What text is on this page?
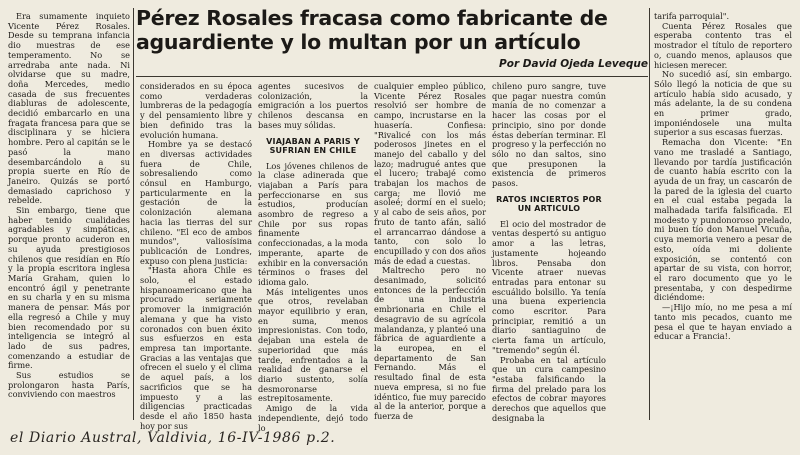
Pérez Rosales fracasa como fabricante de aguardiente y lo multan por un artículo
Por David Ojeda Leveque

Era sumamente inquieto Vicente Pérez Rosales. Desde su temprana infancia dio muestras de ese temperamento. No se arredraba ante nada. Ni olvidarse que su madre, doña Mercedes, medio casada de sus frecuentes diabluras de adolescente, decidió embarcarlo en una fragata francesa para que se disciplinara y se hiciera hombre. Pero al capitán se le pasó la mano desembarcándolo a su propia suerte en Río de Janeiro. Quizás se portó demasiado caprichoso y rebelde.

Sin embargo, tiene que haber tenido cualidades agradables y simpáticas, porque pronto acuderon en su ayuda prestigiosos chilenos que residían en Río y la propia escritora inglesa María Graham, quien lo encontró ágil y penetrante en su charla y en su misma manera de pensar. Más por ella regresó a Chile y muy bien recomendado por su inteligencia se integró al lado de sus padres, comenzando a estudiar de firme.

Sus estudios se prolongaron hasta París, conviviendo con maestros

considerados en su época como verdaderas lumbreras de la pedagogía y del pensamiento libre y bien definido tras la evolución humana.

Hombre ya se destacó en diversas actividades fuera de Chile, sobresaliendo como cónsul en Hamburgo, particularmente en la gestación de la colonización alemana hacia las tierras del sur chileno. "El eco de ambos mundos", valiosísima publicación de Londres, expuso con plena justicia:

"Hasta ahora Chile es solo, el estado hispanoamericano que ha procurado seriamente promover la inmigración alemana y que ha visto coronados con buen éxito sus esfuerzos en esta empresa tan importante. Gracias a las ventajas que ofrecen el suelo y el clima de aquel país, a los sacrificios que se ha impuesto y a las diligencias practicadas desde el año 1850 hasta hoy por sus

agentes sucesivos de colonización, la emigración a los puertos chilenos descansa en bases muy sólidas.

VIAJABAN A PARIS Y SUFRIAN EN CHILE

Los jóvenes chilenos de la clase adinerada que viajaban a París para perfeccionarse en sus estudios, producían asombro de regreso a Chile por sus ropas finamente confeccionadas, a la moda imperante, aparte de exhibir en la conversación términos o frases del idioma galo.

Más inteligentes unos que otros, revelaban mayor equilibrio y eran, en suma, menos impresionistas. Con todo, dejaban una estela de superioridad que más tarde, enfrentados a la realidad de ganarse el diario sustento, solía desmoronarse estrepitosamente.

Amigo de la vida independiente, dejó todo lo

cualquier empleo público, Vicente Pérez Rosales resolvió ser hombre de campo, incrustarse en la huasería. Confiesa: "Rivalicé con los más poderosos jinetes en el manejo del caballo y del lazo; madrugué antes que el lucero; trabajé como trabajan los machos de carga; me llovió me asoleé; dormí en el suelo; y al cabo de seis años, por fruto de tanto afán, salió el arrancarrao dándose a tanto, con solo lo encupillado y con dos años más de edad a cuestas.

Maltrecho pero no desanimado, solicitó entonces de la perfección de una industria embrionaria en Chile el desagravio de su agrícola malandanza, y planteó una fábrica de aguardiente a la europea, en el departamento de San Fernando. Más el resultado final de esta nueva empresa, si no fue idéntico, fue muy parecido al de la anterior, porque a fuerza de

chileno puro sangre, tuve que pagar nuestra común manía de no comenzar a hacer las cosas por el principio, sino por donde éstas deberían terminar. El progreso y la perfección no sólo no dan saltos, sino que presuponen la existencia de primeros pasos.

RATOS INCIERTOS POR UN ARTICULO

El ocio del mostrador de ventas despertó su antiguo amor a las letras, justamente hojeando libros. Pensaba don Vicente atraer nuevas entradas para entonar su escuálido bolsillo. Ya tenía una buena experiencia como escritor. Para principiar, remitió a un diario santiaguino de cierta fama un artículo, "tremendo" según él.

Probaba en tal artículo que un cura campesino "estaba falsificando la firma del prelado para los efectos de cobrar mayores derechos que aquellos que designaba la

tarifa parroquial".

Cuenta Pérez Rosales que esperaba contento tras el mostrador el título de reportero o, cuando menos, aplausos que hiciesen merecer.

No sucedió así, sin embargo. Sólo llegó la noticia de que su artículo había sido acusado, y más adelante, la de su condena en primer grado, imponiéndosele una multa superior a sus escasas fuerzas.

Remacha don Vicente: "En vano me trasladé a Santiago, llevando por tardía justificación de cuanto había escrito con la ayuda de un fray, un cascarón de la pared de la iglesia del cuarto en el cual estaba pegada la malhadada tarifa falsificada. El modesto y pundonoroso prelado, mi buen tío don Manuel Vicuña, cuya memoria venero a pesar de esto, oída mi doliente exposición, se contentó con apartar de su vista, con horror, el raro documento que yo le presentaba, y con despedirme diciéndome:

—¡Hijo mío, no me pesa a mí tanto mis pecados, cuanto me pesa el que te hayan enviado a educar a Francia!.

el Diario Austral, Valdivia, 16-IV-1986 p.2.
